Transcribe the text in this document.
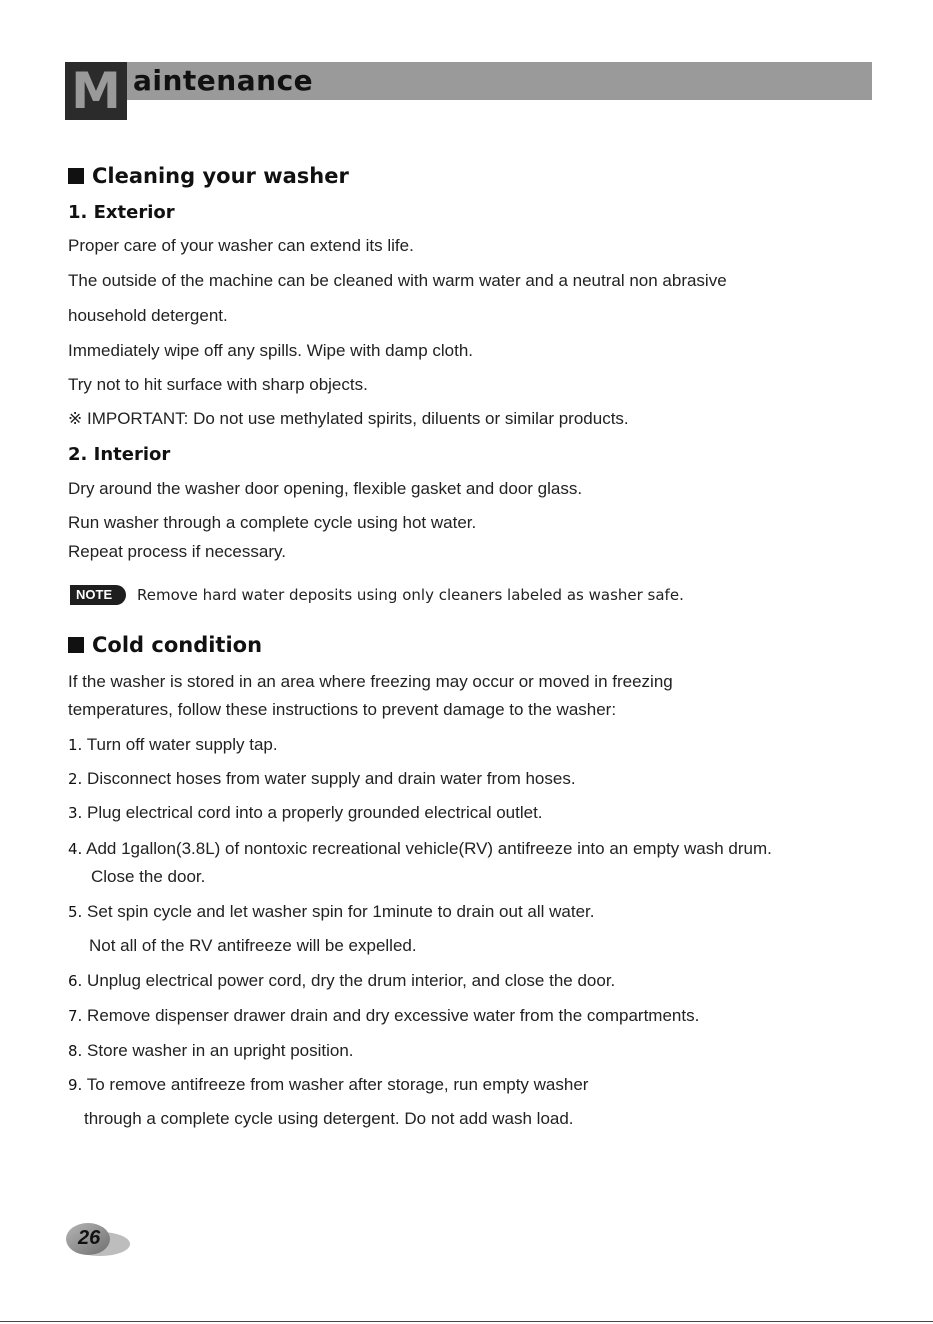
M aintenance
Cleaning your washer
1. Exterior
Proper care of your washer can extend its life.
The outside of the machine can be cleaned with warm water and a neutral non abrasive
household detergent.
Immediately wipe off any spills. Wipe with damp cloth.
Try not to hit surface with sharp objects.
※ IMPORTANT: Do not use methylated spirits, diluents or similar products.
2. Interior
Dry around the washer door opening, flexible gasket and door glass.
Run washer through a complete cycle using hot water.
Repeat process if necessary.
NOTE	Remove hard water deposits using only cleaners labeled as washer safe.
Cold condition
If the washer is stored in an area where freezing may occur or moved in freezing
temperatures, follow these instructions to prevent damage to the washer:
1. Turn off water supply tap.
2. Disconnect hoses from water supply and drain water from hoses.
3. Plug electrical cord into a properly grounded electrical outlet.
4. Add 1gallon(3.8L) of nontoxic recreational vehicle(RV) antifreeze into an empty wash drum.
Close the door.
5. Set spin cycle and let washer spin for 1minute to drain out all water.
Not all of the RV antifreeze will be expelled.
6. Unplug electrical power cord, dry the drum interior, and close the door.
7. Remove dispenser drawer drain and dry excessive water from the compartments.
8. Store washer in an upright position.
9. To remove antifreeze from washer after storage, run empty washer
through a complete cycle using detergent. Do not add wash load.
26
